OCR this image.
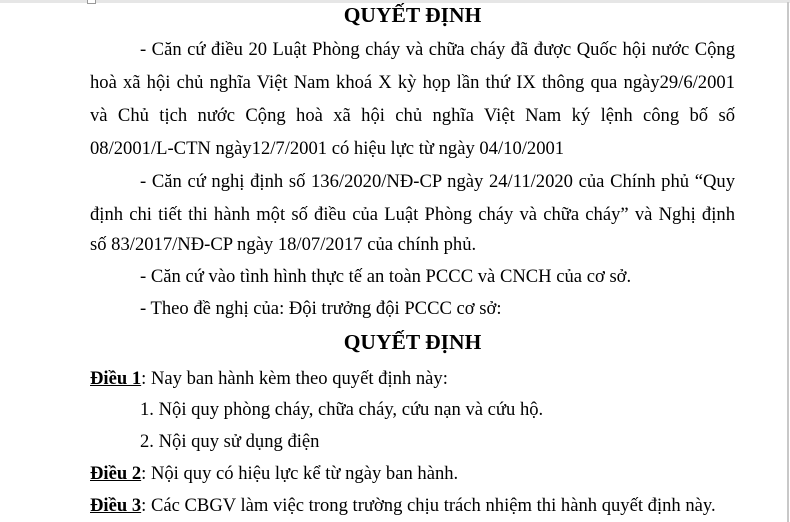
QUYẾT ĐỊNH
- Căn cứ điều 20 Luật Phòng cháy và chữa cháy đã được Quốc hội nước Cộng
hoà xã hội chủ nghĩa Việt Nam khoá X kỳ họp lần thứ IX thông qua ngày29/6/2001
và Chủ tịch nước Cộng hoà xã hội chủ nghĩa Việt Nam ký lệnh công bố số
08/2001/L-CTN ngày12/7/2001 có hiệu lực từ ngày 04/10/2001
- Căn cứ nghị định số 136/2020/NĐ-CP ngày 24/11/2020 của Chính phủ “Quy
định chi tiết thi hành một số điều của Luật Phòng cháy và chữa cháy” và Nghị định
số 83/2017/NĐ-CP ngày 18/07/2017 của chính phủ.
- Căn cứ vào tình hình thực tế an toàn PCCC và CNCH của cơ sở.
- Theo đề nghị của: Đội trưởng đội PCCC cơ sở:
QUYẾT ĐỊNH
Điều 1: Nay ban hành kèm theo quyết định này:
1. Nội quy phòng cháy, chữa cháy, cứu nạn và cứu hộ.
2. Nội quy sử dụng điện
Điều 2: Nội quy có hiệu lực kể từ ngày ban hành.
Điều 3: Các CBGV làm việc trong trường chịu trách nhiệm thi hành quyết định này.
